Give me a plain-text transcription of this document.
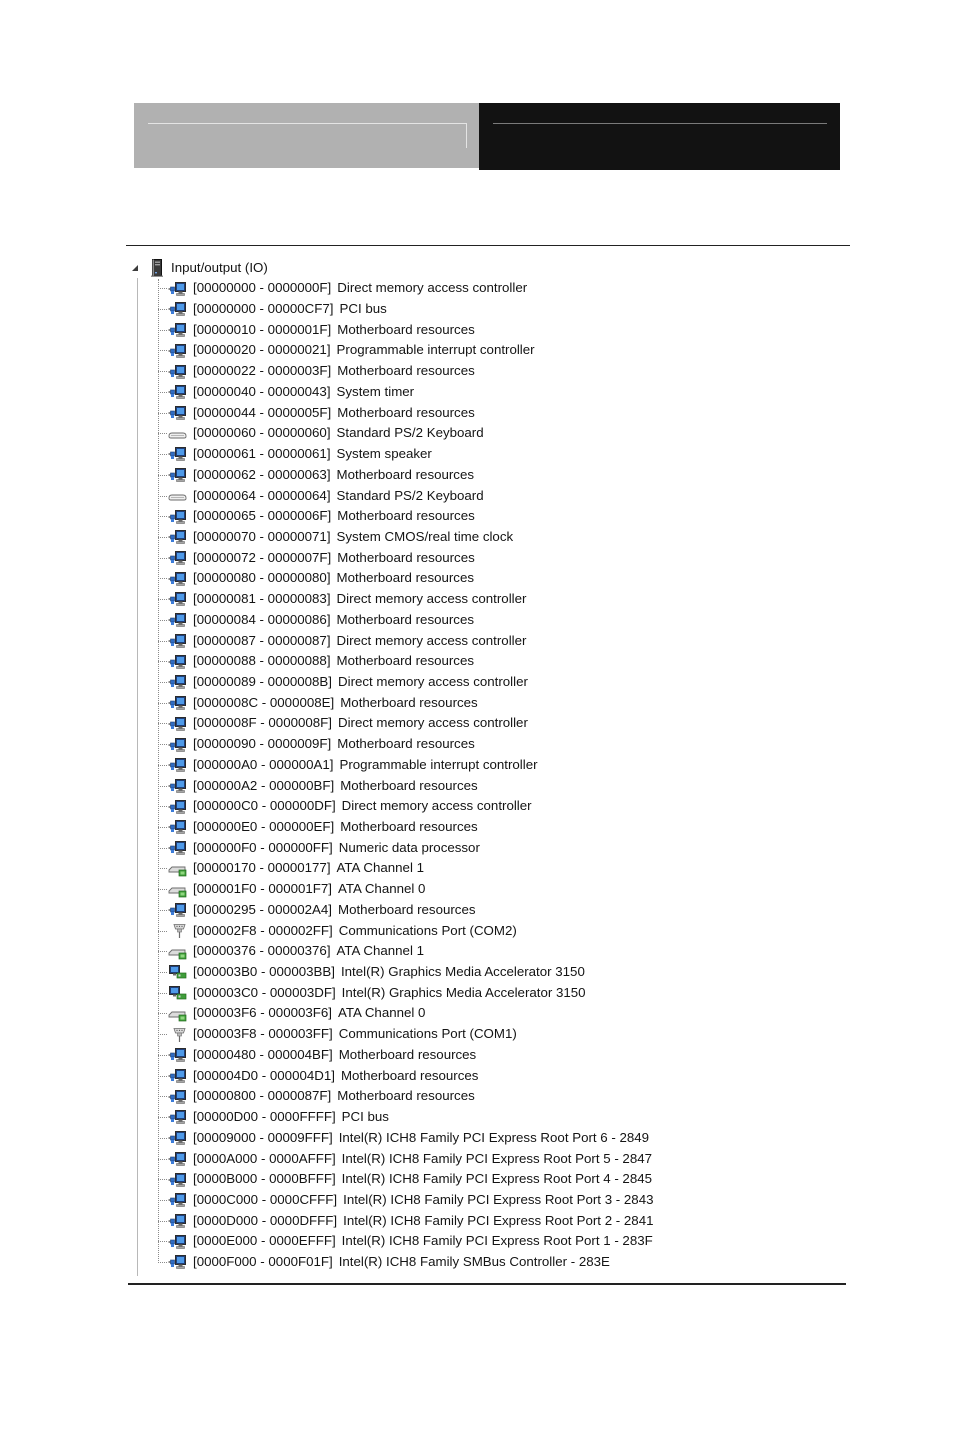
Input/output (IO)
[00000000 - 0000000F] Direct memory access controller
[00000000 - 00000CF7] PCI bus
[00000010 - 0000001F] Motherboard resources
[00000020 - 00000021] Programmable interrupt controller
[00000022 - 0000003F] Motherboard resources
[00000040 - 00000043] System timer
[00000044 - 0000005F] Motherboard resources
[00000060 - 00000060] Standard PS/2 Keyboard
[00000061 - 00000061] System speaker
[00000062 - 00000063] Motherboard resources
[00000064 - 00000064] Standard PS/2 Keyboard
[00000065 - 0000006F] Motherboard resources
[00000070 - 00000071] System CMOS/real time clock
[00000072 - 0000007F] Motherboard resources
[00000080 - 00000080] Motherboard resources
[00000081 - 00000083] Direct memory access controller
[00000084 - 00000086] Motherboard resources
[00000087 - 00000087] Direct memory access controller
[00000088 - 00000088] Motherboard resources
[00000089 - 0000008B] Direct memory access controller
[0000008C - 0000008E] Motherboard resources
[0000008F - 0000008F] Direct memory access controller
[00000090 - 0000009F] Motherboard resources
[000000A0 - 000000A1] Programmable interrupt controller
[000000A2 - 000000BF] Motherboard resources
[000000C0 - 000000DF] Direct memory access controller
[000000E0 - 000000EF] Motherboard resources
[000000F0 - 000000FF] Numeric data processor
[00000170 - 00000177] ATA Channel 1
[000001F0 - 000001F7] ATA Channel 0
[00000295 - 000002A4] Motherboard resources
[000002F8 - 000002FF] Communications Port (COM2)
[00000376 - 00000376] ATA Channel 1
[000003B0 - 000003BB] Intel(R) Graphics Media Accelerator 3150
[000003C0 - 000003DF] Intel(R) Graphics Media Accelerator 3150
[000003F6 - 000003F6] ATA Channel 0
[000003F8 - 000003FF] Communications Port (COM1)
[00000480 - 000004BF] Motherboard resources
[000004D0 - 000004D1] Motherboard resources
[00000800 - 0000087F] Motherboard resources
[00000D00 - 0000FFFF] PCI bus
[00009000 - 00009FFF] Intel(R) ICH8 Family PCI Express Root Port 6 - 2849
[0000A000 - 0000AFFF] Intel(R) ICH8 Family PCI Express Root Port 5 - 2847
[0000B000 - 0000BFFF] Intel(R) ICH8 Family PCI Express Root Port 4 - 2845
[0000C000 - 0000CFFF] Intel(R) ICH8 Family PCI Express Root Port 3 - 2843
[0000D000 - 0000DFFF] Intel(R) ICH8 Family PCI Express Root Port 2 - 2841
[0000E000 - 0000EFFF] Intel(R) ICH8 Family PCI Express Root Port 1 - 283F
[0000F000 - 0000F01F] Intel(R) ICH8 Family SMBus Controller - 283E
